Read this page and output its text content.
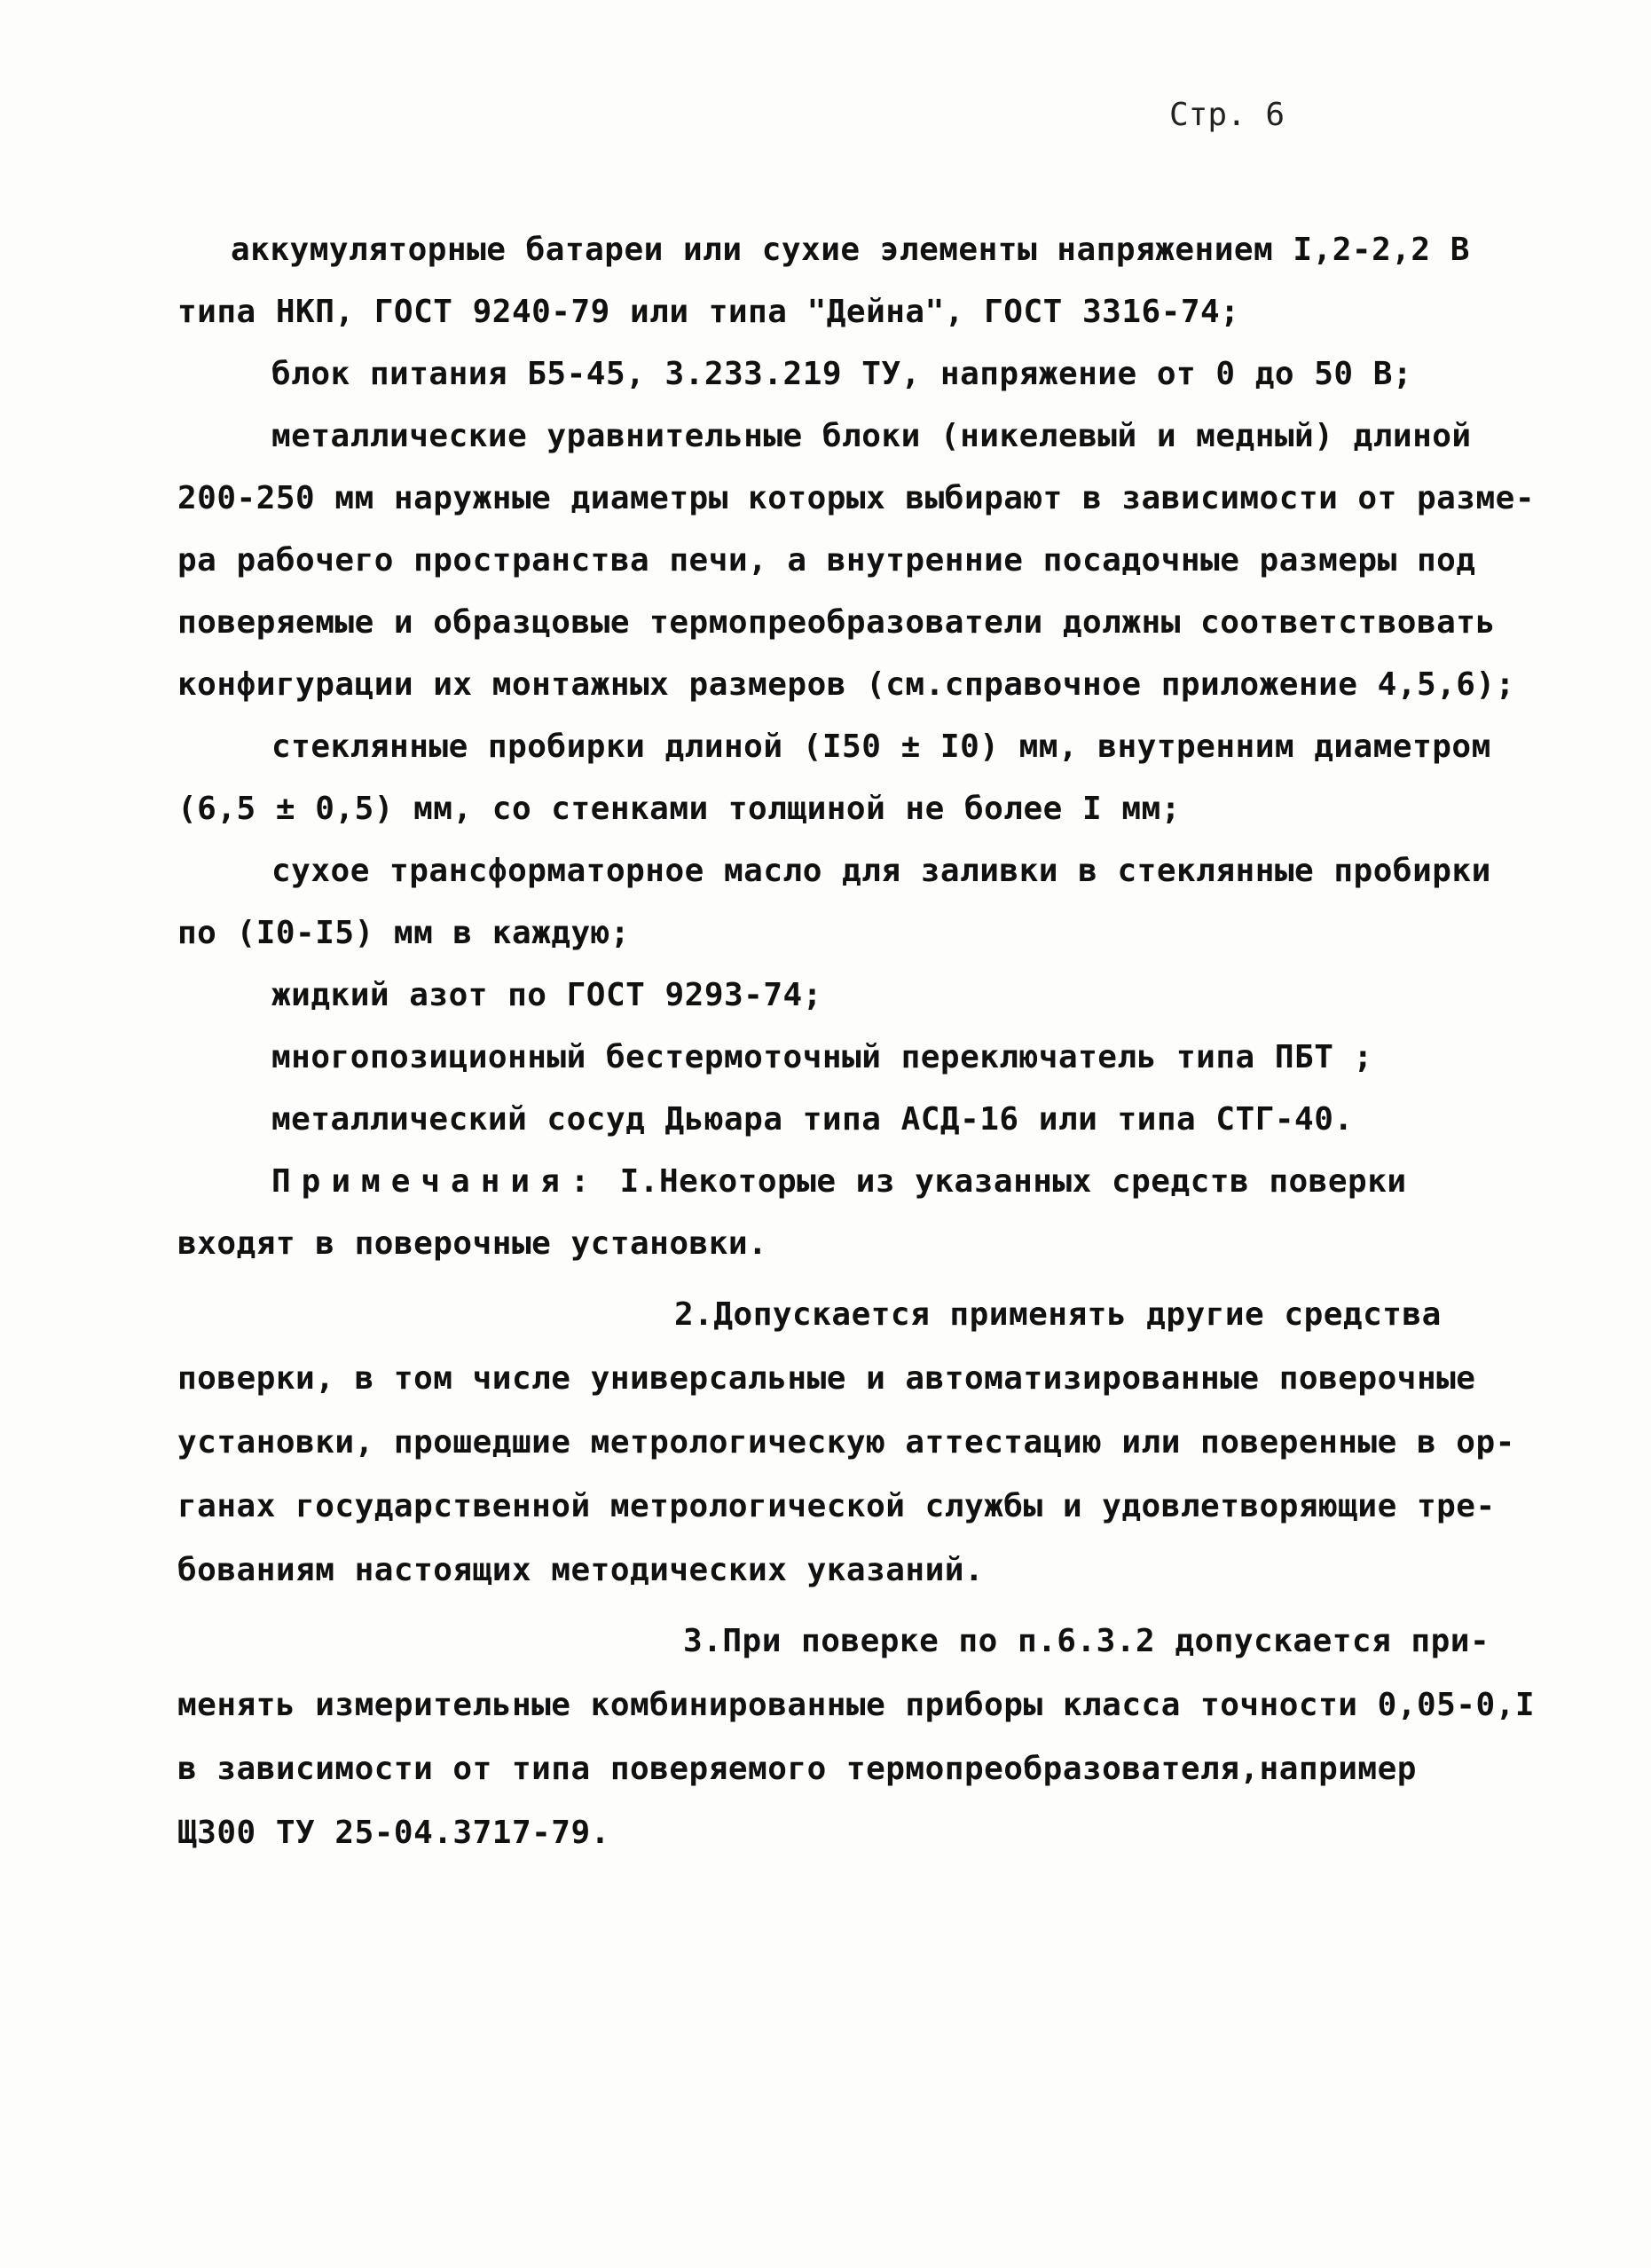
Стр. 6
аккумуляторные батареи или сухие элементы напряжением I,2-2,2 В
типа НКП, ГОСТ 9240-79 или типа "Дейна", ГОСТ 3316-74;
блок питания Б5-45, 3.233.219 ТУ, напряжение от 0 до 50 В;
металлические уравнительные блоки (никелевый и медный) длиной
200-250 мм наружные диаметры которых выбирают в зависимости от разме-
ра рабочего пространства печи, а внутренние посадочные размеры под
поверяемые и образцовые термопреобразователи должны соответствовать
конфигурации их монтажных размеров (см.справочное приложение 4,5,6);
стеклянные пробирки длиной (I50 ± I0) мм, внутренним диаметром
(6,5 ± 0,5) мм, со стенками толщиной не более I мм;
сухое трансформаторное масло для заливки в стеклянные пробирки
по (I0-I5) мм в каждую;
жидкий азот по ГОСТ 9293-74;
многопозиционный бестермоточный переключатель типа ПБТ ;
металлический сосуд Дьюара типа АСД-16 или типа СТГ-40.
Примечания: I.Некоторые из указанных средств поверки
входят в поверочные установки.
2.Допускается применять другие средства
поверки, в том числе универсальные и автоматизированные поверочные
установки, прошедшие метрологическую аттестацию или поверенные в ор-
ганах государственной метрологической службы и удовлетворяющие тре-
бованиям настоящих методических указаний.
3.При поверке по п.6.3.2 допускается при-
менять измерительные комбинированные приборы класса точности 0,05-0,I
в зависимости от типа поверяемого термопреобразователя,например
Щ300 ТУ 25-04.3717-79.
